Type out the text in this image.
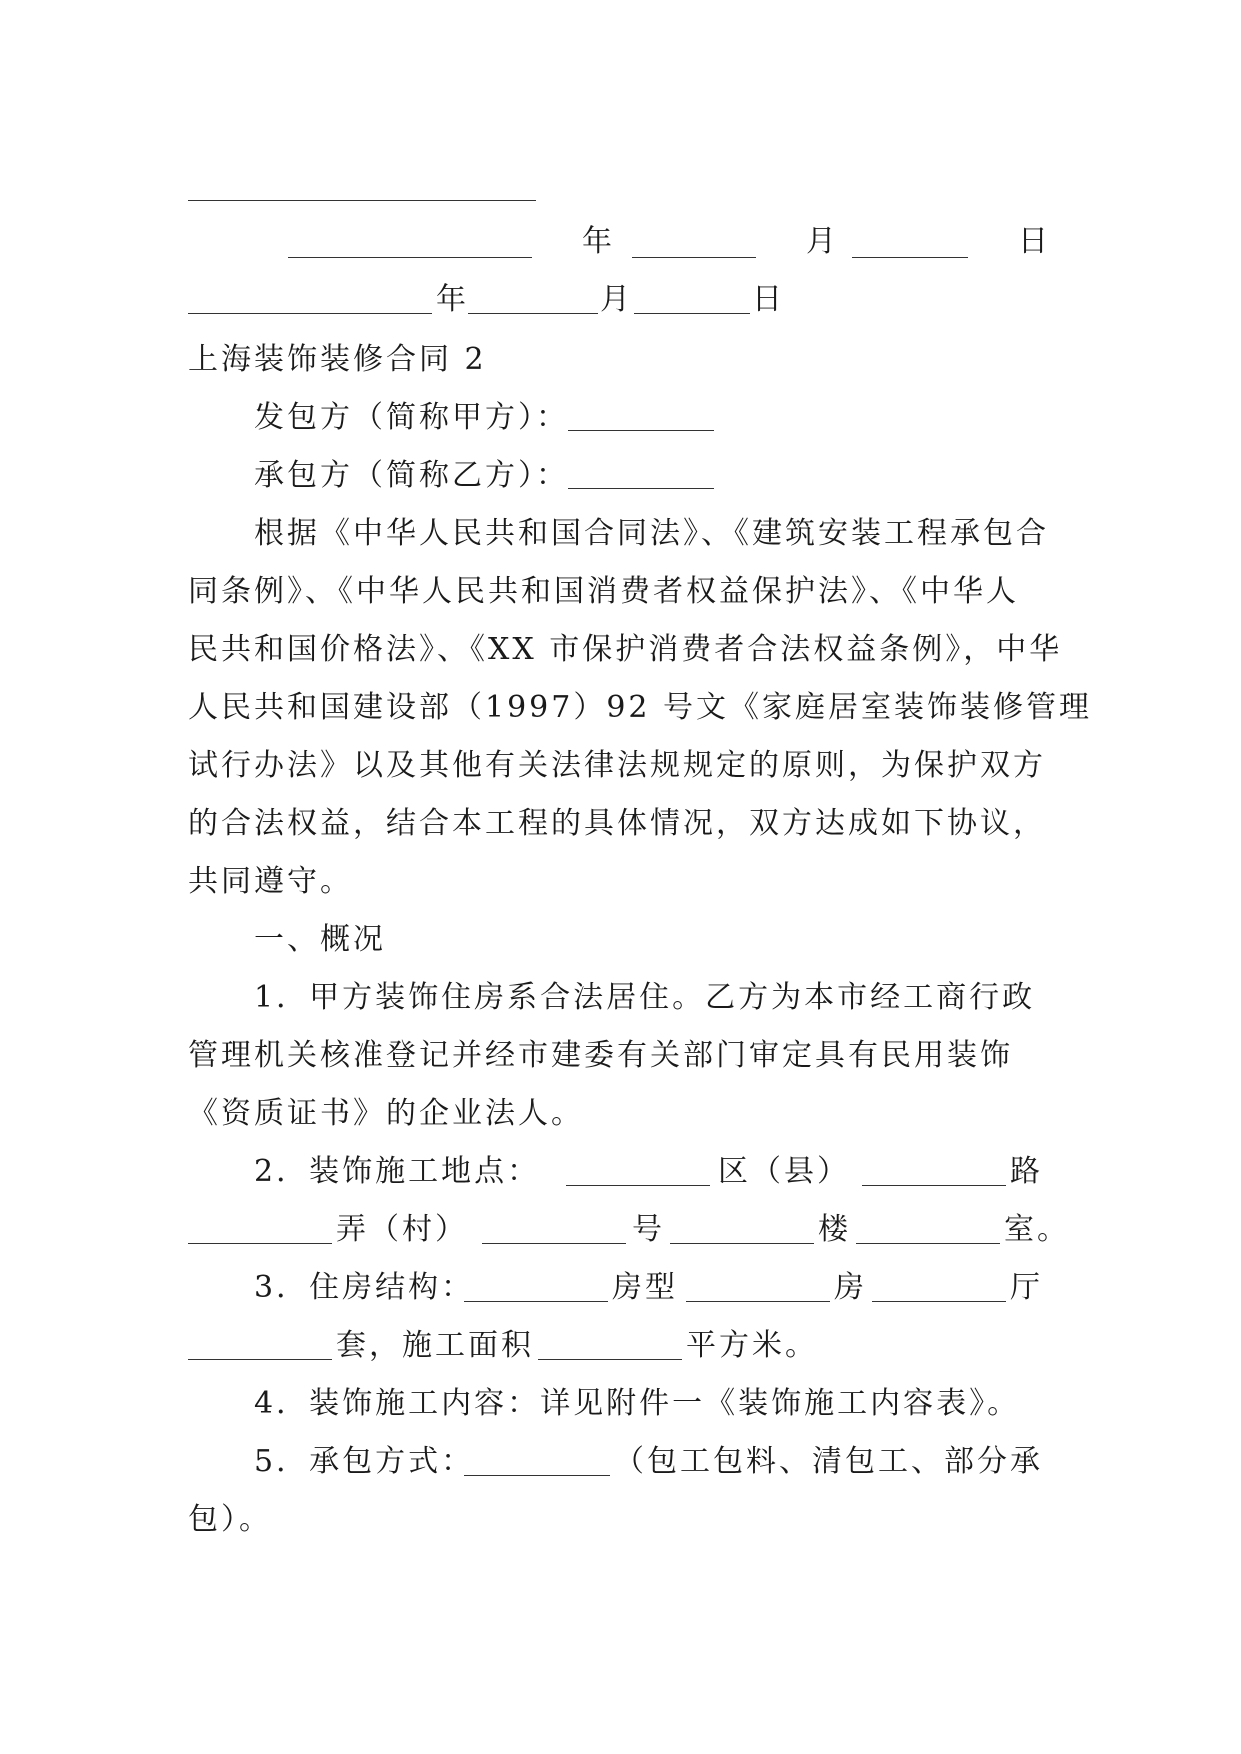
年	月	日
年	月	日
上海装饰装修合同 2
发包方（简称甲方）：
承包方（简称乙方）：
根据《中华人民共和国合同法》、《建筑安装工程承包合
同条例》、《中华人民共和国消费者权益保护法》、《中华人
民共和国价格法》、《XX 市保护消费者合法权益条例》，中华
人民共和国建设部（1997）92 号文《家庭居室装饰装修管理
试行办法》以及其他有关法律法规规定的原则，为保护双方
的合法权益，结合本工程的具体情况，双方达成如下协议，
共同遵守。
一、概况
1．甲方装饰住房系合法居住。乙方为本市经工商行政
管理机关核准登记并经市建委有关部门审定具有民用装饰
《资质证书》的企业法人。
2．装饰施工地点：	区（县）	路
弄（村）	号	楼	室。
3．住房结构：	房型	房	厅
套，施工面积	平方米。
4．装饰施工内容：详见附件一《装饰施工内容表》。
5．承包方式：	（包工包料、清包工、部分承
包）。
